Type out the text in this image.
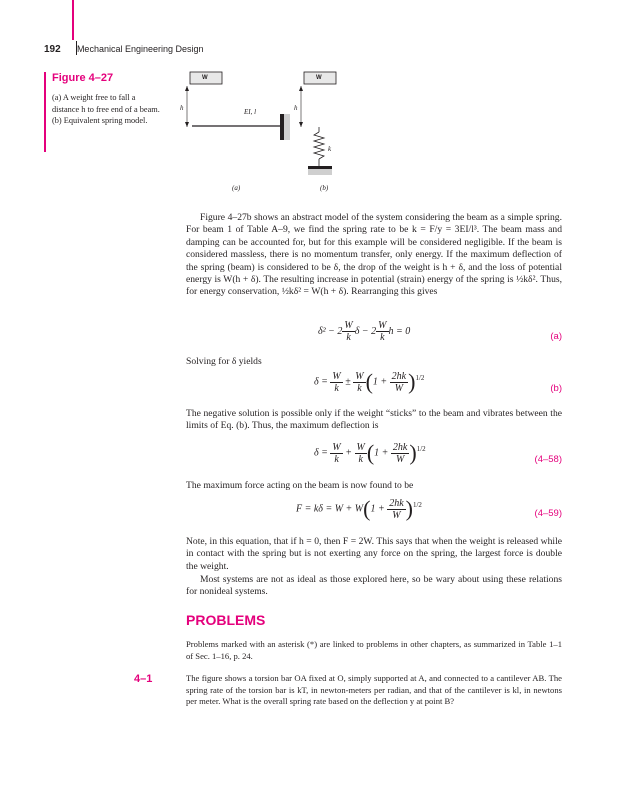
192 Mechanical Engineering Design
Figure 4–27
(a) A weight free to fall a distance h to free end of a beam. (b) Equivalent spring model.
W	W
h	h
EI, l
k
(a)	(b)
Figure 4–27b shows an abstract model of the system considering the beam as a simple spring. For beam 1 of Table A–9, we find the spring rate to be k = F/y = 3EI/l³. The beam mass and damping can be accounted for, but for this example will be considered negligible. If the beam is considered massless, there is no momentum transfer, only energy. If the maximum deflection of the spring (beam) is considered to be δ, the drop of the weight is h + δ, and the loss of potential energy is W(h + δ). The resulting increase in potential (strain) energy of the spring is ½kδ². Thus, for energy conservation, ½kδ² = W(h + δ). Rearranging this gives
$\delta^2 - 2 \frac{W}{k}$ $\delta - 2 \frac{W}{k}$ h = 0	(a)
Solving for δ yields
$\delta = \frac{W}{k} \pm \frac{W}{k} (1 + \frac{2hk}{W} )^{1/2}$
(b)
The negative solution is possible only if the weight “sticks” to the beam and vibrates between the limits of Eq. (b). Thus, the maximum deflection is
$\delta = \frac{W}{k} + \frac{W}{k} (1 + \frac{2hk}{W} )^{1/2}$
(4–58)
The maximum force acting on the beam is now found to be
$F = k\delta = W + W(1 + \frac{2hk}{W} )^{1/2}$
(4–59)
Note, in this equation, that if h = 0, then F = 2W. This says that when the weight is released while in contact with the spring but is not exerting any force on the spring, the largest force is double the weight.
Most systems are not as ideal as those explored here, so be wary about using these relations for nonideal systems.
PROBLEMS
Problems marked with an asterisk (*) are linked to problems in other chapters, as summarized in Table 1–1 of Sec. 1–16, p. 24.
4–1	The figure shows a torsion bar OA fixed at O, simply supported at A, and connected to a cantilever AB. The spring rate of the torsion bar is kT, in newton-meters per radian, and that of the cantilever is kl, in newtons per meter. What is the overall spring rate based on the deflection y at point B?
